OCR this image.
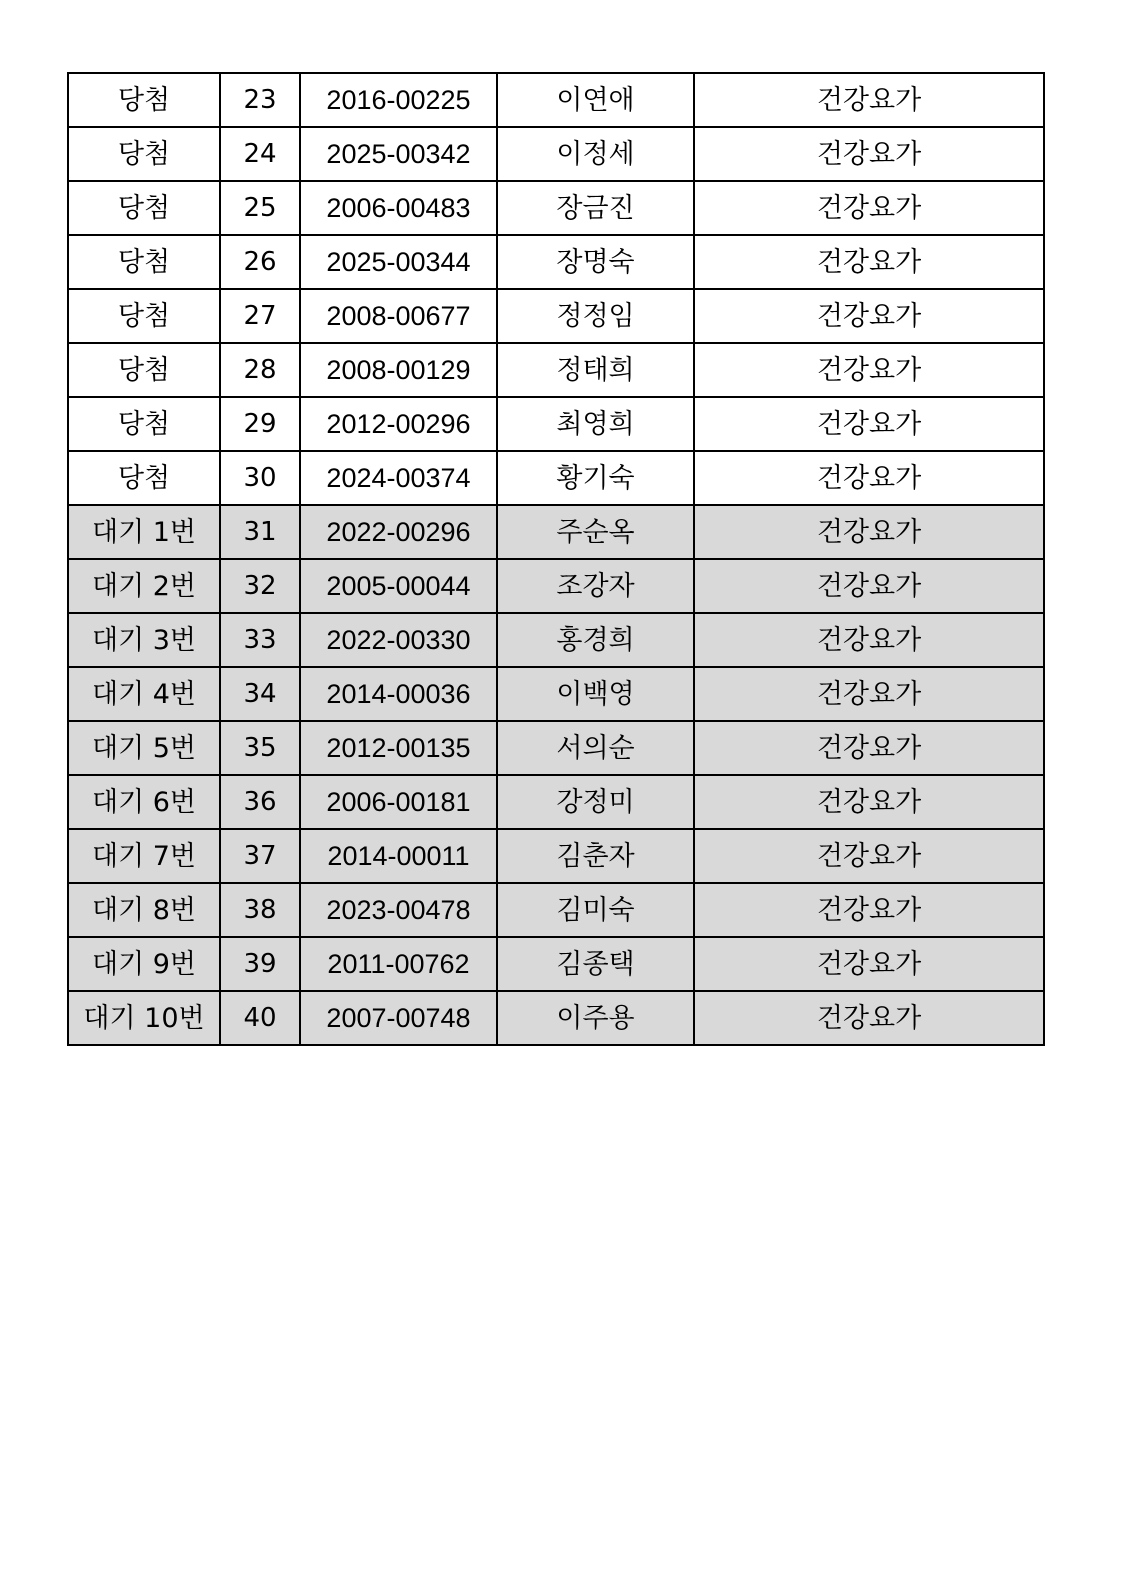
당첨	23	2016-00225	이연애	건강요가
당첨	24	2025-00342	이정세	건강요가
당첨	25	2006-00483	장금진	건강요가
당첨	26	2025-00344	장명숙	건강요가
당첨	27	2008-00677	정정임	건강요가
당첨	28	2008-00129	정태희	건강요가
당첨	29	2012-00296	최영희	건강요가
당첨	30	2024-00374	황기숙	건강요가
대기 1번	31	2022-00296	주순옥	건강요가
대기 2번	32	2005-00044	조강자	건강요가
대기 3번	33	2022-00330	홍경희	건강요가
대기 4번	34	2014-00036	이백영	건강요가
대기 5번	35	2012-00135	서의순	건강요가
대기 6번	36	2006-00181	강정미	건강요가
대기 7번	37	2014-00011	김춘자	건강요가
대기 8번	38	2023-00478	김미숙	건강요가
대기 9번	39	2011-00762	김종택	건강요가
대기 10번	40	2007-00748	이주용	건강요가
